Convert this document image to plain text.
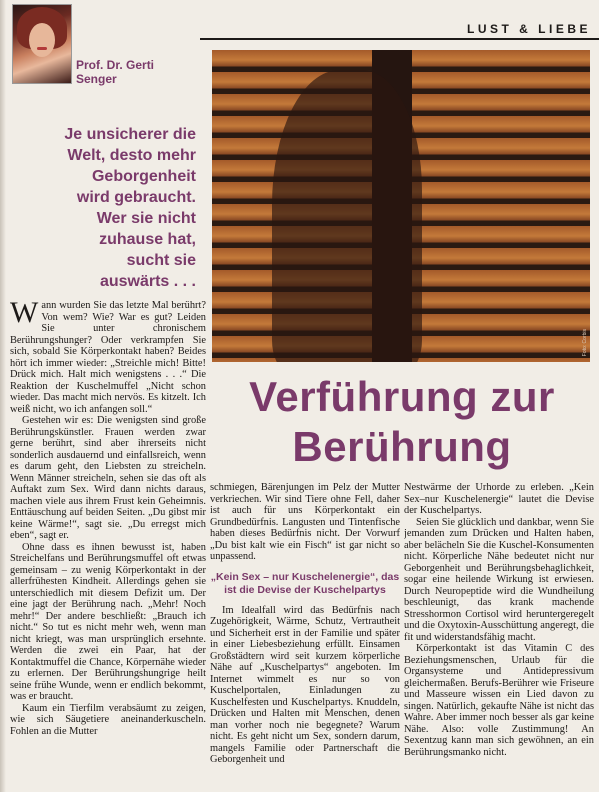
LUST & LIEBE
Prof. Dr. Gerti
Senger
Je unsicherer die Welt, desto mehr Geborgenheit wird gebraucht. Wer sie nicht zuhause hat, sucht sie auswärts . . .
Foto: Corbis
Verführung zur
Berührung

Wann wurden Sie das letzte Mal berührt? Von wem? Wie? War es gut? Leiden Sie unter chronischem Berührungshunger? Oder verkrampfen Sie sich, sobald Sie Körperkontakt haben? Beides hört ich immer wieder: „Streichle mich! Bitte! Drück mich. Halt mich wenigstens . . .“ Die Reaktion der Kuschelmuffel „Nicht schon wieder. Das macht mich nervös. Es kitzelt. Ich weiß nicht, wo ich anfangen soll.“

Gestehen wir es: Die wenigsten sind große Berührungskünstler. Frauen werden zwar gerne berührt, sind aber ihrerseits nicht sonderlich ausdauernd und einfallsreich, wenn es darum geht, den Liebsten zu streicheln. Wenn Männer streicheln, sehen sie das oft als Auftakt zum Sex. Wird dann nichts daraus, machen viele aus ihrem Frust kein Geheimnis. Enttäuschung auf beiden Seiten. „Du gibst mir keine Wärme!“, sagt sie. „Du erregst mich eben“, sagt er.

Ohne dass es ihnen bewusst ist, haben Streichelfans und Berührungsmuffel oft etwas gemeinsam – zu wenig Körperkontakt in der allerfrühesten Kindheit. Allerdings gehen sie unterschiedlich mit diesem Defizit um. Der eine jagt der Berührung nach. „Mehr! Noch mehr!“ Der andere beschließt: „Brauch ich nicht.“ So tut es nicht mehr weh, wenn man nicht kriegt, was man ursprünglich ersehnte. Werden die zwei ein Paar, hat der Kontaktmuffel die Chance, Körpernähe wieder zu erlernen. Der Berührungshungrige heilt seine frühe Wunde, wenn er endlich bekommt, was er braucht.

Kaum ein Tierfilm verabsäumt zu zeigen, wie sich Säugetiere aneinanderkuscheln. Fohlen an die Mutter

schmiegen, Bärenjungen im Pelz der Mutter verkriechen. Wir sind Tiere ohne Fell, daher ist auch für uns Körperkontakt ein Grundbedürfnis. Langusten und Tintenfische haben dieses Bedürfnis nicht. Der Vorwurf „Du bist kalt wie ein Fisch“ ist gar nicht so unpassend.

„Kein Sex – nur Kuschelenergie“, das ist die Devise der Kuschelpartys

Im Idealfall wird das Bedürfnis nach Zugehörigkeit, Wärme, Schutz, Vertrautheit und Sicherheit erst in der Familie und später in einer Liebesbeziehung erfüllt. Einsamen Großstädtern wird seit kurzem körperliche Nähe auf „Kuschelpartys“ angeboten. Im Internet wimmelt es nur so von Kuschelportalen, Einladungen zu Kuschelfesten und Kuschelpartys. Knuddeln, Drücken und Halten mit Menschen, denen man vorher noch nie begegnete? Warum nicht. Es geht nicht um Sex, sondern darum, mangels Familie oder Partnerschaft die Geborgenheit und

Nestwärme der Urhorde zu erleben. „Kein Sex–nur Kuschelenergie“ lautet die Devise der Kuschelpartys.

Seien Sie glücklich und dankbar, wenn Sie jemanden zum Drücken und Halten haben, aber belächeln Sie die Kuschel-Konsumenten nicht. Körperliche Nähe bedeutet nicht nur Geborgenheit und Berührungsbehaglichkeit, sogar eine heilende Wirkung ist erwiesen. Durch Neuropeptide wird die Wundheilung beschleunigt, das krank machende Stresshormon Cortisol wird heruntergeregelt und die Oxytoxin-Ausschüttung angeregt, die fit und widerstandsfähig macht.

Körperkontakt ist das Vitamin C des Beziehungsmenschen, Urlaub für die Organsysteme und Antidepressivum gleichermaßen. Berufs-Berührer wie Friseure und Masseure wissen ein Lied davon zu singen. Natürlich, gekaufte Nähe ist nicht das Wahre. Aber immer noch besser als gar keine Nähe. Also: volle Zustimmung! An Sexentzug kann man sich gewöhnen, an ein Berührungsmanko nicht.
